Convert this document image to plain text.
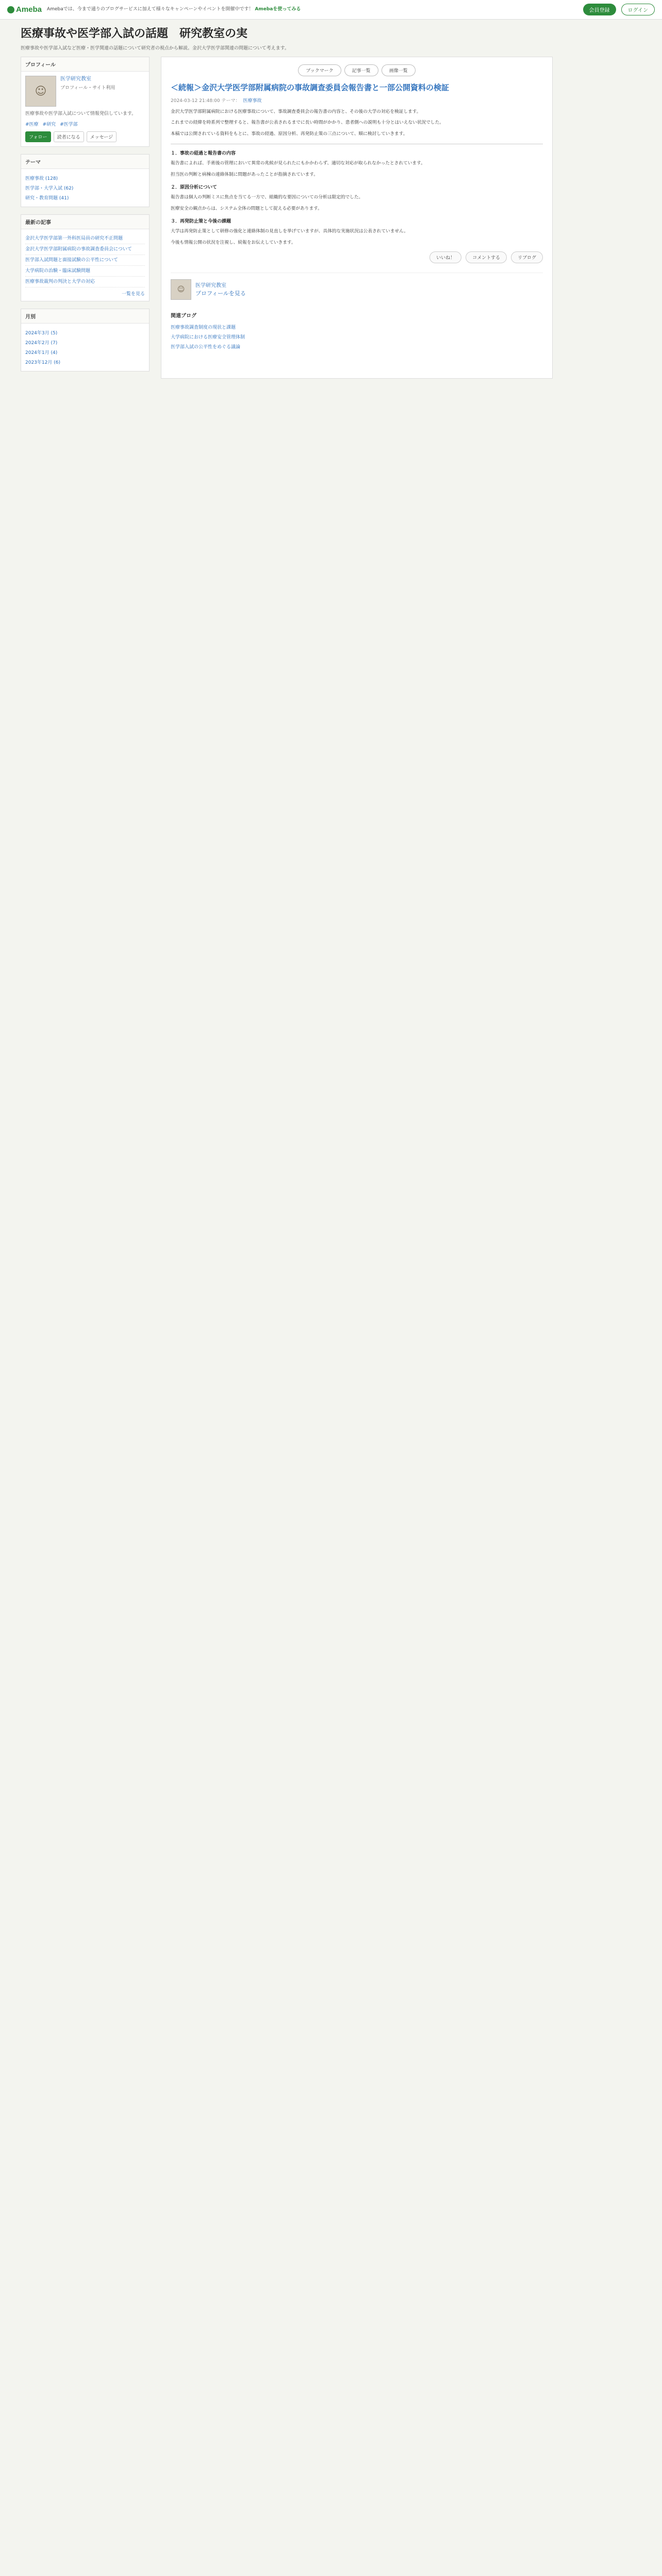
Ameba Amebaでは、今まで通りのブログサービスに加えて様々なキャンペーンやイベントを開催中です！ Amebaを使ってみる	会員登録	ログイン
医療事故や医学部入試の話題　研究教室の実
医療事故や医学部入試など医療・医学関連の話題について研究者の視点から解説。金沢大学医学部関連の問題について考えます。
プロフィール
☺
医学研究教室
プロフィール・サイト利用
医療事故や医学部入試について情報発信しています。
#医療 #研究 #医学部
フォロー	読者になる	メッセージ
テーマ
医療事故 (128)
医学部・大学入試 (62)
研究・教育問題 (41)
最新の記事
金沢大学医学部第一外科医局員の研究不正問題
金沢大学医学部附属病院の事故調査委員会について
医学部入試問題と面接試験の公平性について
大学病院の治験・臨床試験問題
医療事故裁判の判決と大学の対応
一覧を見る
月別
2024年3月 (5)
2024年2月 (7)
2024年1月 (4)
2023年12月 (6)
ブックマーク	記事一覧	画像一覧
＜続報＞金沢大学医学部附属病院の事故調査委員会報告書と一部公開資料の検証
2024-03-12 21:48:00 テーマ： 医療事故

金沢大学医学部附属病院における医療事故について、事故調査委員会の報告書の内容と、その後の大学の対応を検証します。

これまでの経緯を時系列で整理すると、報告書が公表されるまでに長い時間がかかり、患者側への説明も十分とはいえない状況でした。

本稿では公開されている資料をもとに、事故の経過、原因分析、再発防止策の三点について、順に検討していきます。

１．事故の経過と報告書の内容

報告書によれば、手術後の管理において異常の兆候が見られたにもかかわらず、適切な対応が取られなかったとされています。

担当医の判断と病棟の連絡体制に問題があったことが指摘されています。

２．原因分析について

報告書は個人の判断ミスに焦点を当てる一方で、組織的な要因についての分析は限定的でした。

医療安全の観点からは、システム全体の問題として捉える必要があります。

３．再発防止策と今後の課題

大学は再発防止策として研修の強化と連絡体制の見直しを挙げていますが、具体的な実施状況は公表されていません。

今後も情報公開の状況を注視し、続報をお伝えしていきます。

いいね！	コメントする	リブログ
☺	医学研究教室
プロフィールを見る
関連ブログ
医療事故調査制度の現状と課題
大学病院における医療安全管理体制
医学部入試の公平性をめぐる議論
